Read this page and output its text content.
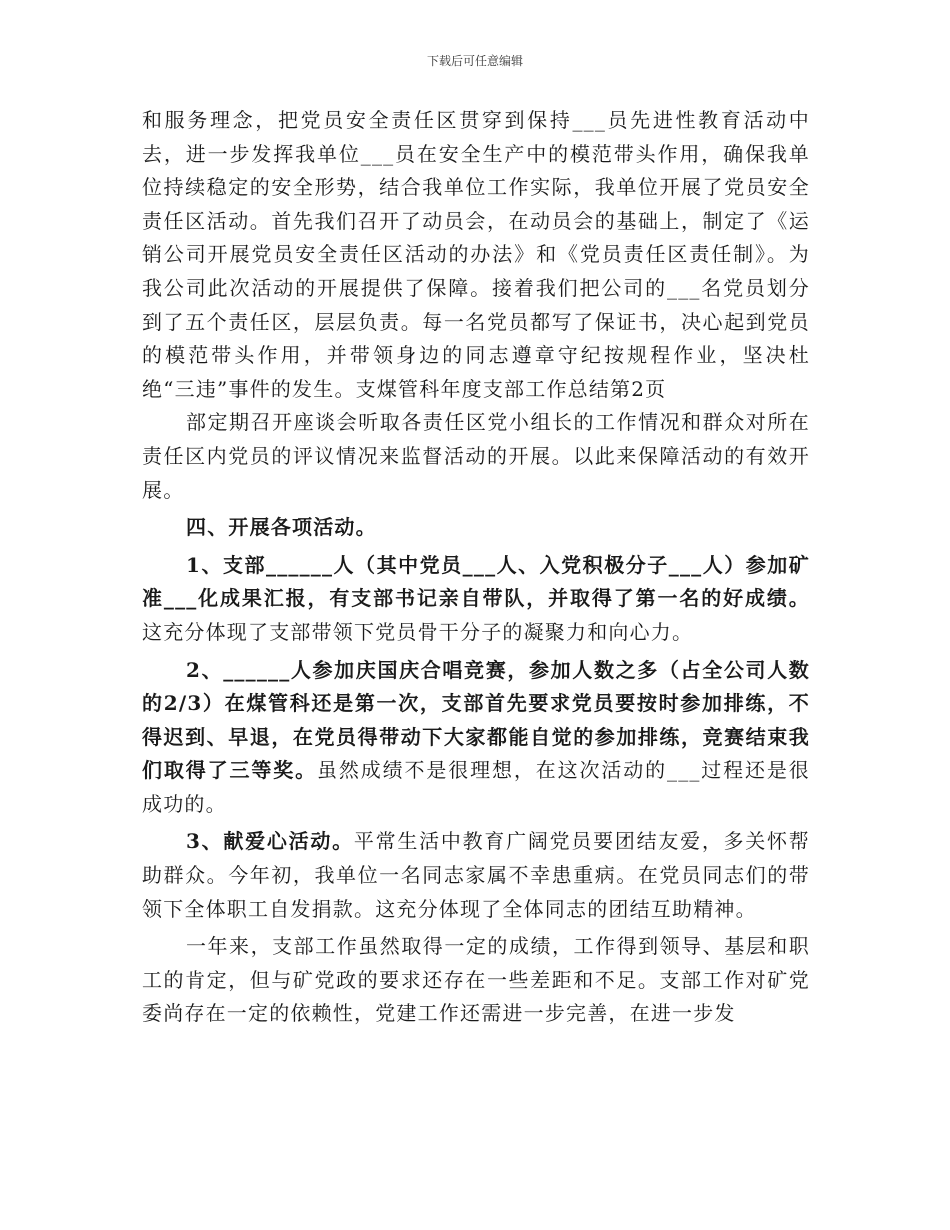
下载后可任意编辑

和服务理念，把党员安全责任区贯穿到保持___员先进性教育活动中去，进一步发挥我单位___员在安全生产中的模范带头作用，确保我单位持续稳定的安全形势，结合我单位工作实际，我单位开展了党员安全责任区活动。首先我们召开了动员会，在动员会的基础上，制定了《运销公司开展党员安全责任区活动的办法》和《党员责任区责任制》。为我公司此次活动的开展提供了保障。接着我们把公司的___名党员划分到了五个责任区，层层负责。每一名党员都写了保证书，决心起到党员的模范带头作用，并带领身边的同志遵章守纪按规程作业，坚决杜绝“三违”事件的发生。支煤管科年度支部工作总结第2页

部定期召开座谈会听取各责任区党小组长的工作情况和群众对所在责任区内党员的评议情况来监督活动的开展。以此来保障活动的有效开展。

四、开展各项活动。

1、支部______人（其中党员___人、入党积极分子___人）参加矿准___化成果汇报，有支部书记亲自带队，并取得了第一名的好成绩。这充分体现了支部带领下党员骨干分子的凝聚力和向心力。

2、______人参加庆国庆合唱竞赛，参加人数之多（占全公司人数的2/3）在煤管科还是第一次，支部首先要求党员要按时参加排练，不得迟到、早退，在党员得带动下大家都能自觉的参加排练，竞赛结束我们取得了三等奖。虽然成绩不是很理想，在这次活动的___过程还是很成功的。

3、献爱心活动。平常生活中教育广阔党员要团结友爱，多关怀帮助群众。今年初，我单位一名同志家属不幸患重病。在党员同志们的带领下全体职工自发捐款。这充分体现了全体同志的团结互助精神。

一年来，支部工作虽然取得一定的成绩，工作得到领导、基层和职工的肯定，但与矿党政的要求还存在一些差距和不足。支部工作对矿党委尚存在一定的依赖性，党建工作还需进一步完善，在进一步发
